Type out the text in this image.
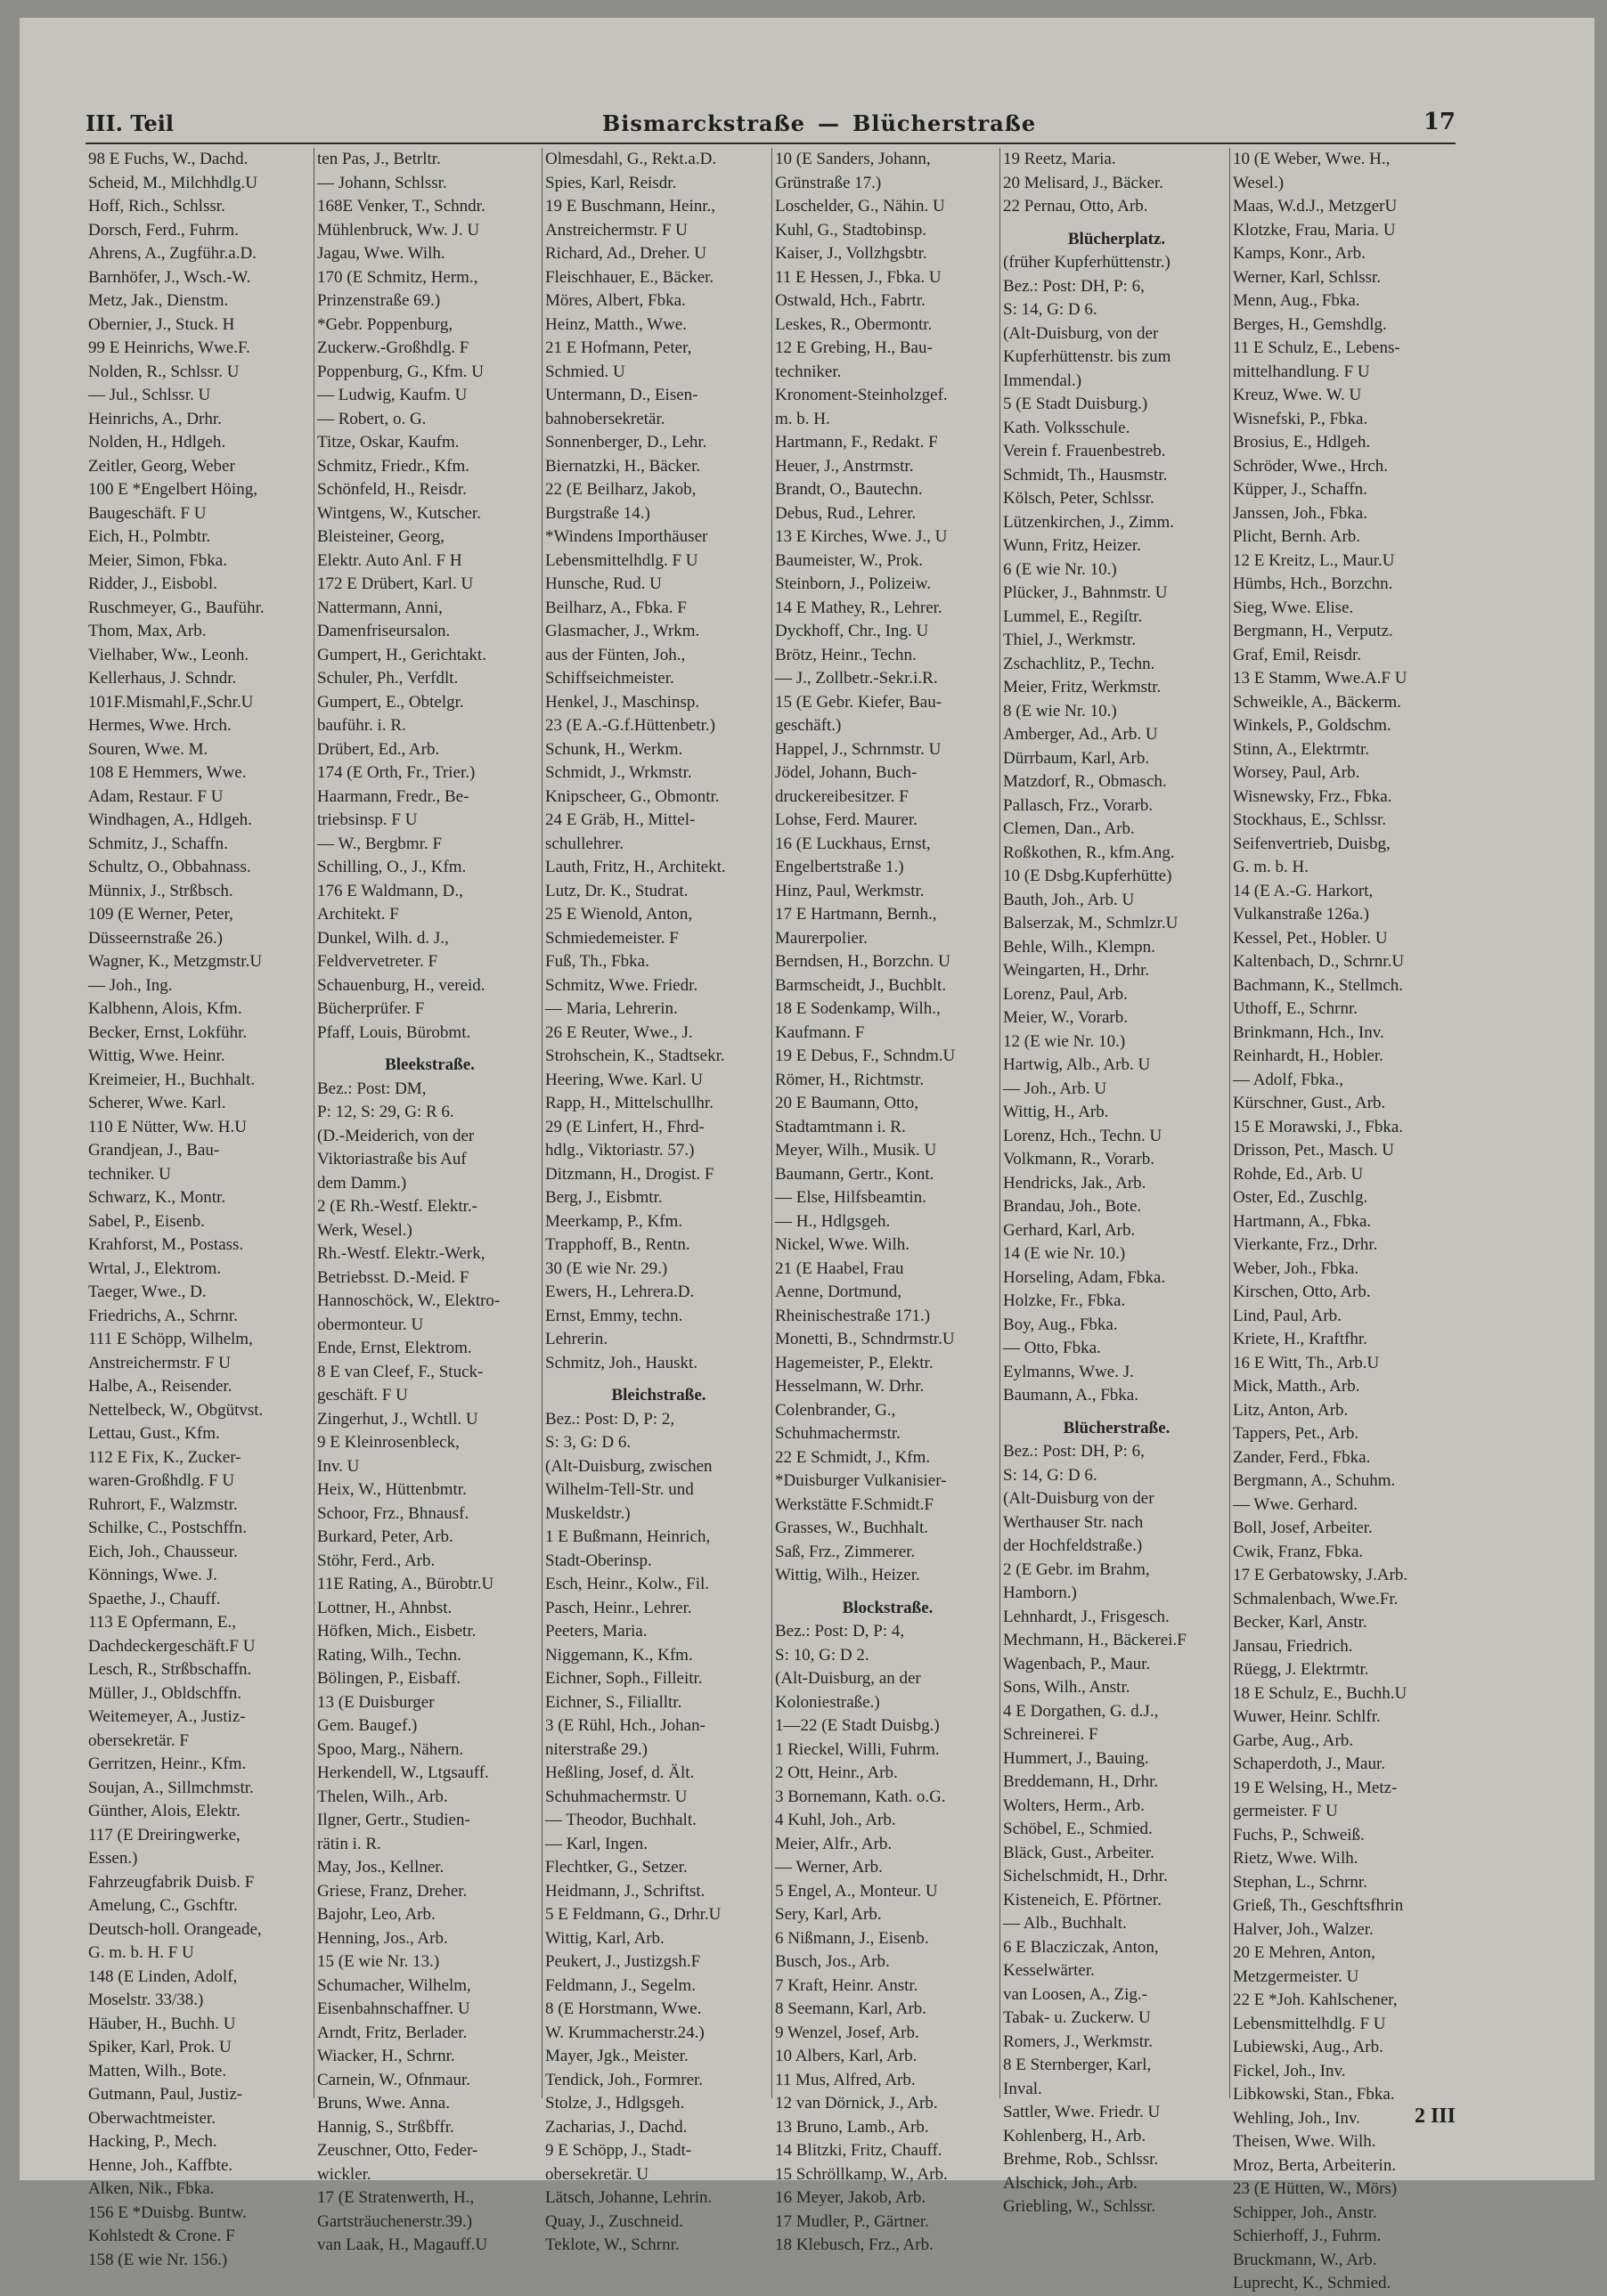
III. Teil	Bismarckstraße — Blücherstraße	17
98 E Fuchs, W., Dachd.
Scheid, M., Milchhdlg.U
Hoff, Rich., Schlssr.
Dorsch, Ferd., Fuhrm.
Ahrens, A., Zugführ.a.D.
Barnhöfer, J., Wsch.-W.
Metz, Jak., Dienstm.
Obernier, J., Stuck. H
99 E Heinrichs, Wwe.F.
Nolden, R., Schlssr. U
— Jul., Schlssr. U
Heinrichs, A., Drhr.
Nolden, H., Hdlgeh.
Zeitler, Georg, Weber
100 E *Engelbert Höing,
Baugeschäft. F U
Eich, H., Polmbtr.
Meier, Simon, Fbka.
Ridder, J., Eisbobl.
Ruschmeyer, G., Bauführ.
Thom, Max, Arb.
Vielhaber, Ww., Leonh.
Kellerhaus, J. Schndr.
101F.Mismahl,F.,Schr.U
Hermes, Wwe. Hrch.
Souren, Wwe. M.
108 E Hemmers, Wwe.
Adam, Restaur. F U
Windhagen, A., Hdlgeh.
Schmitz, J., Schaffn.
Schultz, O., Obbahnass.
Münnix, J., Strßbsch.
109 (E Werner, Peter,
Düsseernstraße 26.)
Wagner, K., Metzgmstr.U
— Joh., Ing.
Kalbhenn, Alois, Kfm.
Becker, Ernst, Lokführ.
Wittig, Wwe. Heinr.
Kreimeier, H., Buchhalt.
Scherer, Wwe. Karl.
110 E Nütter, Ww. H.U
Grandjean, J., Bau-
techniker. U
Schwarz, K., Montr.
Sabel, P., Eisenb.
Krahforst, M., Postass.
Wrtal, J., Elektrom.
Taeger, Wwe., D.
Friedrichs, A., Schrnr.
111 E Schöpp, Wilhelm,
Anstreichermstr. F U
Halbe, A., Reisender.
Nettelbeck, W., Obgütvst.
Lettau, Gust., Kfm.
112 E Fix, K., Zucker-
waren-Großhdlg. F U
Ruhrort, F., Walzmstr.
Schilke, C., Postschffn.
Eich, Joh., Chausseur.
Könnings, Wwe. J.
Spaethe, J., Chauff.
113 E Opfermann, E.,
Dachdeckergeschäft.F U
Lesch, R., Strßbschaffn.
Müller, J., Obldschffn.
Weitemeyer, A., Justiz-
obersekretär. F
Gerritzen, Heinr., Kfm.
Soujan, A., Sillmchmstr.
Günther, Alois, Elektr.
117 (E Dreiringwerke,
Essen.)
Fahrzeugfabrik Duisb. F
Amelung, C., Gschftr.
Deutsch-holl. Orangeade,
G. m. b. H. F U
148 (E Linden, Adolf,
Moselstr. 33/38.)
Häuber, H., Buchh. U
Spiker, Karl, Prok. U
Matten, Wilh., Bote.
Gutmann, Paul, Justiz-
Oberwachtmeister.
Hacking, P., Mech.
Henne, Joh., Kaffbte.
Alken, Nik., Fbka.
156 E *Duisbg. Buntw.
Kohlstedt & Crone. F
158 (E wie Nr. 156.)
ten Pas, J., Betrltr.
— Johann, Schlssr.
168E Venker, T., Schndr.
Mühlenbruck, Ww. J. U
Jagau, Wwe. Wilh.
170 (E Schmitz, Herm.,
Prinzenstraße 69.)
*Gebr. Poppenburg,
Zuckerw.-Großhdlg. F
Poppenburg, G., Kfm. U
— Ludwig, Kaufm. U
— Robert, o. G.
Titze, Oskar, Kaufm.
Schmitz, Friedr., Kfm.
Schönfeld, H., Reisdr.
Wintgens, W., Kutscher.
Bleisteiner, Georg,
Elektr. Auto Anl. F H
172 E Drübert, Karl. U
Nattermann, Anni,
Damenfriseursalon.
Gumpert, H., Gerichtakt.
Schuler, Ph., Verfdlt.
Gumpert, E., Obtelgr.
bauführ. i. R.
Drübert, Ed., Arb.
174 (E Orth, Fr., Trier.)
Haarmann, Fredr., Be-
triebsinsp. F U
— W., Bergbmr. F
Schilling, O., J., Kfm.
176 E Waldmann, D.,
Architekt. F
Dunkel, Wilh. d. J.,
Feldvervetreter. F
Schauenburg, H., vereid.
Bücherprüfer. F
Pfaff, Louis, Bürobmt.
Bleekstraße.
Bez.: Post: DM,
P: 12, S: 29, G: R 6.
(D.-Meiderich, von der
Viktoriastraße bis Auf
dem Damm.)
2 (E Rh.-Westf. Elektr.-
Werk, Wesel.)
Rh.-Westf. Elektr.-Werk,
Betriebsst. D.-Meid. F
Hannoschöck, W., Elektro-
obermonteur. U
Ende, Ernst, Elektrom.
8 E van Cleef, F., Stuck-
geschäft. F U
Zingerhut, J., Wchtll. U
9 E Kleinrosenbleck,
Inv. U
Heix, W., Hüttenbmtr.
Schoor, Frz., Bhnausf.
Burkard, Peter, Arb.
Stöhr, Ferd., Arb.
11E Rating, A., Bürobtr.U
Lottner, H., Ahnbst.
Höfken, Mich., Eisbetr.
Rating, Wilh., Techn.
Bölingen, P., Eisbaff.
13 (E Duisburger
Gem. Baugef.)
Spoo, Marg., Nähern.
Herkendell, W., Ltgsauff.
Thelen, Wilh., Arb.
Ilgner, Gertr., Studien-
rätin i. R.
May, Jos., Kellner.
Griese, Franz, Dreher.
Bajohr, Leo, Arb.
Henning, Jos., Arb.
15 (E wie Nr. 13.)
Schumacher, Wilhelm,
Eisenbahnschaffner. U
Arndt, Fritz, Berlader.
Wiacker, H., Schrnr.
Carnein, W., Ofnmaur.
Bruns, Wwe. Anna.
Hannig, S., Strßbffr.
Zeuschner, Otto, Feder-
wickler.
17 (E Stratenwerth, H.,
Gartsträuchenerstr.39.)
van Laak, H., Magauff.U
Olmesdahl, G., Rekt.a.D.
Spies, Karl, Reisdr.
19 E Buschmann, Heinr.,
Anstreichermstr. F U
Richard, Ad., Dreher. U
Fleischhauer, E., Bäcker.
Möres, Albert, Fbka.
Heinz, Matth., Wwe.
21 E Hofmann, Peter,
Schmied. U
Untermann, D., Eisen-
bahnobersekretär.
Sonnenberger, D., Lehr.
Biernatzki, H., Bäcker.
22 (E Beilharz, Jakob,
Burgstraße 14.)
*Windens Importhäuser
Lebensmittelhdlg. F U
Hunsche, Rud. U
Beilharz, A., Fbka. F
Glasmacher, J., Wrkm.
aus der Fünten, Joh.,
Schiffseichmeister.
Henkel, J., Maschinsp.
23 (E A.-G.f.Hüttenbetr.)
Schunk, H., Werkm.
Schmidt, J., Wrkmstr.
Knipscheer, G., Obmontr.
24 E Gräb, H., Mittel-
schullehrer.
Lauth, Fritz, H., Architekt.
Lutz, Dr. K., Studrat.
25 E Wienold, Anton,
Schmiedemeister. F
Fuß, Th., Fbka.
Schmitz, Wwe. Friedr.
— Maria, Lehrerin.
26 E Reuter, Wwe., J.
Strohschein, K., Stadtsekr.
Heering, Wwe. Karl. U
Rapp, H., Mittelschullhr.
29 (E Linfert, H., Fhrd-
hdlg., Viktoriastr. 57.)
Ditzmann, H., Drogist. F
Berg, J., Eisbmtr.
Meerkamp, P., Kfm.
Trapphoff, B., Rentn.
30 (E wie Nr. 29.)
Ewers, H., Lehrera.D.
Ernst, Emmy, techn.
Lehrerin.
Schmitz, Joh., Hauskt.
Bleichstraße.
Bez.: Post: D, P: 2,
S: 3, G: D 6.
(Alt-Duisburg, zwischen
Wilhelm-Tell-Str. und
Muskeldstr.)
1 E Bußmann, Heinrich,
Stadt-Oberinsp.
Esch, Heinr., Kolw., Fil.
Pasch, Heinr., Lehrer.
Peeters, Maria.
Niggemann, K., Kfm.
Eichner, Soph., Filleitr.
Eichner, S., Filialltr.
3 (E Rühl, Hch., Johan-
niterstraße 29.)
Heßling, Josef, d. Ält.
Schuhmachermstr. U
— Theodor, Buchhalt.
— Karl, Ingen.
Flechtker, G., Setzer.
Heidmann, J., Schriftst.
5 E Feldmann, G., Drhr.U
Wittig, Karl, Arb.
Peukert, J., Justizgsh.F
Feldmann, J., Segelm.
8 (E Horstmann, Wwe.
W. Krummacherstr.24.)
Mayer, Jgk., Meister.
Tendick, Joh., Formrer.
Stolze, J., Hdlgsgeh.
Zacharias, J., Dachd.
9 E Schöpp, J., Stadt-
obersekretär. U
Lätsch, Johanne, Lehrin.
Quay, J., Zuschneid.
Teklote, W., Schrnr.
10 (E Sanders, Johann,
Grünstraße 17.)
Loschelder, G., Nähin. U
Kuhl, G., Stadtobinsp.
Kaiser, J., Vollzhgsbtr.
11 E Hessen, J., Fbka. U
Ostwald, Hch., Fabrtr.
Leskes, R., Obermontr.
12 E Grebing, H., Bau-
techniker.
Kronoment-Steinholzgef.
m. b. H.
Hartmann, F., Redakt. F
Heuer, J., Anstrmstr.
Brandt, O., Bautechn.
Debus, Rud., Lehrer.
13 E Kirches, Wwe. J., U
Baumeister, W., Prok.
Steinborn, J., Polizeiw.
14 E Mathey, R., Lehrer.
Dyckhoff, Chr., Ing. U
Brötz, Heinr., Techn.
— J., Zollbetr.-Sekr.i.R.
15 (E Gebr. Kiefer, Bau-
geschäft.)
Happel, J., Schrnmstr. U
Jödel, Johann, Buch-
druckereibesitzer. F
Lohse, Ferd. Maurer.
16 (E Luckhaus, Ernst,
Engelbertstraße 1.)
Hinz, Paul, Werkmstr.
17 E Hartmann, Bernh.,
Maurerpolier.
Berndsen, H., Borzchn. U
Barmscheidt, J., Buchblt.
18 E Sodenkamp, Wilh.,
Kaufmann. F
19 E Debus, F., Schndm.U
Römer, H., Richtmstr.
20 E Baumann, Otto,
Stadtamtmann i. R.
Meyer, Wilh., Musik. U
Baumann, Gertr., Kont.
— Else, Hilfsbeamtin.
— H., Hdlgsgeh.
Nickel, Wwe. Wilh.
21 (E Haabel, Frau
Aenne, Dortmund,
Rheinischestraße 171.)
Monetti, B., Schndrmstr.U
Hagemeister, P., Elektr.
Hesselmann, W. Drhr.
Colenbrander, G.,
Schuhmachermstr.
22 E Schmidt, J., Kfm.
*Duisburger Vulkanisier-
Werkstätte F.Schmidt.F
Grasses, W., Buchhalt.
Saß, Frz., Zimmerer.
Wittig, Wilh., Heizer.
Blockstraße.
Bez.: Post: D, P: 4,
S: 10, G: D 2.
(Alt-Duisburg, an der
Koloniestraße.)
1—22 (E Stadt Duisbg.)
1 Rieckel, Willi, Fuhrm.
2 Ott, Heinr., Arb.
3 Bornemann, Kath. o.G.
4 Kuhl, Joh., Arb.
Meier, Alfr., Arb.
— Werner, Arb.
5 Engel, A., Monteur. U
Sery, Karl, Arb.
6 Nißmann, J., Eisenb.
Busch, Jos., Arb.
7 Kraft, Heinr. Anstr.
8 Seemann, Karl, Arb.
9 Wenzel, Josef, Arb.
10 Albers, Karl, Arb.
11 Mus, Alfred, Arb.
12 van Dörnick, J., Arb.
13 Bruno, Lamb., Arb.
14 Blitzki, Fritz, Chauff.
15 Schröllkamp, W., Arb.
16 Meyer, Jakob, Arb.
17 Mudler, P., Gärtner.
18 Klebusch, Frz., Arb.
19 Reetz, Maria.
20 Melisard, J., Bäcker.
22 Pernau, Otto, Arb.
Blücherplatz.
(früher Kupferhüttenstr.)
Bez.: Post: DH, P: 6,
S: 14, G: D 6.
(Alt-Duisburg, von der
Kupferhüttenstr. bis zum
Immendal.)
5 (E Stadt Duisburg.)
Kath. Volksschule.
Verein f. Frauenbestreb.
Schmidt, Th., Hausmstr.
Kölsch, Peter, Schlssr.
Lützenkirchen, J., Zimm.
Wunn, Fritz, Heizer.
6 (E wie Nr. 10.)
Plücker, J., Bahnmstr. U
Lummel, E., Regiſtr.
Thiel, J., Werkmstr.
Zschachlitz, P., Techn.
Meier, Fritz, Werkmstr.
8 (E wie Nr. 10.)
Amberger, Ad., Arb. U
Dürrbaum, Karl, Arb.
Matzdorf, R., Obmasch.
Pallasch, Frz., Vorarb.
Clemen, Dan., Arb.
Roßkothen, R., kfm.Ang.
10 (E Dsbg.Kupferhütte)
Bauth, Joh., Arb. U
Balserzak, M., Schmlzr.U
Behle, Wilh., Klempn.
Weingarten, H., Drhr.
Lorenz, Paul, Arb.
Meier, W., Vorarb.
12 (E wie Nr. 10.)
Hartwig, Alb., Arb. U
— Joh., Arb. U
Wittig, H., Arb.
Lorenz, Hch., Techn. U
Volkmann, R., Vorarb.
Hendricks, Jak., Arb.
Brandau, Joh., Bote.
Gerhard, Karl, Arb.
14 (E wie Nr. 10.)
Horseling, Adam, Fbka.
Holzke, Fr., Fbka.
Boy, Aug., Fbka.
— Otto, Fbka.
Eylmanns, Wwe. J.
Baumann, A., Fbka.
Blücherstraße.
Bez.: Post: DH, P: 6,
S: 14, G: D 6.
(Alt-Duisburg von der
Werthauser Str. nach
der Hochfeldstraße.)
2 (E Gebr. im Brahm,
Hamborn.)
Lehnhardt, J., Frisgesch.
Mechmann, H., Bäckerei.F
Wagenbach, P., Maur.
Sons, Wilh., Anstr.
4 E Dorgathen, G. d.J.,
Schreinerei. F
Hummert, J., Bauing.
Breddemann, H., Drhr.
Wolters, Herm., Arb.
Schöbel, E., Schmied.
Bläck, Gust., Arbeiter.
Sichelschmidt, H., Drhr.
Kisteneich, E. Pförtner.
— Alb., Buchhalt.
6 E Blacziczak, Anton,
Kesselwärter.
van Loosen, A., Zig.-
Tabak- u. Zuckerw. U
Romers, J., Werkmstr.
8 E Sternberger, Karl,
Inval.
Sattler, Wwe. Friedr. U
Kohlenberg, H., Arb.
Brehme, Rob., Schlssr.
Alschick, Joh., Arb.
Griebling, W., Schlssr.
10 (E Weber, Wwe. H.,
Wesel.)
Maas, W.d.J., MetzgerU
Klotzke, Frau, Maria. U
Kamps, Konr., Arb.
Werner, Karl, Schlssr.
Menn, Aug., Fbka.
Berges, H., Gemshdlg.
11 E Schulz, E., Lebens-
mittelhandlung. F U
Kreuz, Wwe. W. U
Wisnefski, P., Fbka.
Brosius, E., Hdlgeh.
Schröder, Wwe., Hrch.
Küpper, J., Schaffn.
Janssen, Joh., Fbka.
Plicht, Bernh. Arb.
12 E Kreitz, L., Maur.U
Hümbs, Hch., Borzchn.
Sieg, Wwe. Elise.
Bergmann, H., Verputz.
Graf, Emil, Reisdr.
13 E Stamm, Wwe.A.F U
Schweikle, A., Bäckerm.
Winkels, P., Goldschm.
Stinn, A., Elektrmtr.
Worsey, Paul, Arb.
Wisnewsky, Frz., Fbka.
Stockhaus, E., Schlssr.
Seifenvertrieb, Duisbg,
G. m. b. H.
14 (E A.-G. Harkort,
Vulkanstraße 126a.)
Kessel, Pet., Hobler. U
Kaltenbach, D., Schrnr.U
Bachmann, K., Stellmch.
Uthoff, E., Schrnr.
Brinkmann, Hch., Inv.
Reinhardt, H., Hobler.
— Adolf, Fbka.,
Kürschner, Gust., Arb.
15 E Morawski, J., Fbka.
Drisson, Pet., Masch. U
Rohde, Ed., Arb. U
Oster, Ed., Zuschlg.
Hartmann, A., Fbka.
Vierkante, Frz., Drhr.
Weber, Joh., Fbka.
Kirschen, Otto, Arb.
Lind, Paul, Arb.
Kriete, H., Kraftfhr.
16 E Witt, Th., Arb.U
Mick, Matth., Arb.
Litz, Anton, Arb.
Tappers, Pet., Arb.
Zander, Ferd., Fbka.
Bergmann, A., Schuhm.
— Wwe. Gerhard.
Boll, Josef, Arbeiter.
Cwik, Franz, Fbka.
17 E Gerbatowsky, J.Arb.
Schmalenbach, Wwe.Fr.
Becker, Karl, Anstr.
Jansau, Friedrich.
Rüegg, J. Elektrmtr.
18 E Schulz, E., Buchh.U
Wuwer, Heinr. Schlfr.
Garbe, Aug., Arb.
Schaperdoth, J., Maur.
19 E Welsing, H., Metz-
germeister. F U
Fuchs, P., Schweiß.
Rietz, Wwe. Wilh.
Stephan, L., Schrnr.
Grieß, Th., Geschftsfhrin
Halver, Joh., Walzer.
20 E Mehren, Anton,
Metzgermeister. U
22 E *Joh. Kahlschener,
Lebensmittelhdlg. F U
Lubiewski, Aug., Arb.
Fickel, Joh., Inv.
Libkowski, Stan., Fbka.
Wehling, Joh., Inv.
Theisen, Wwe. Wilh.
Mroz, Berta, Arbeiterin.
23 (E Hütten, W., Mörs)
Schipper, Joh., Anstr.
Schierhoff, J., Fuhrm.
Bruckmann, W., Arb.
Luprecht, K., Schmied.
2 III
